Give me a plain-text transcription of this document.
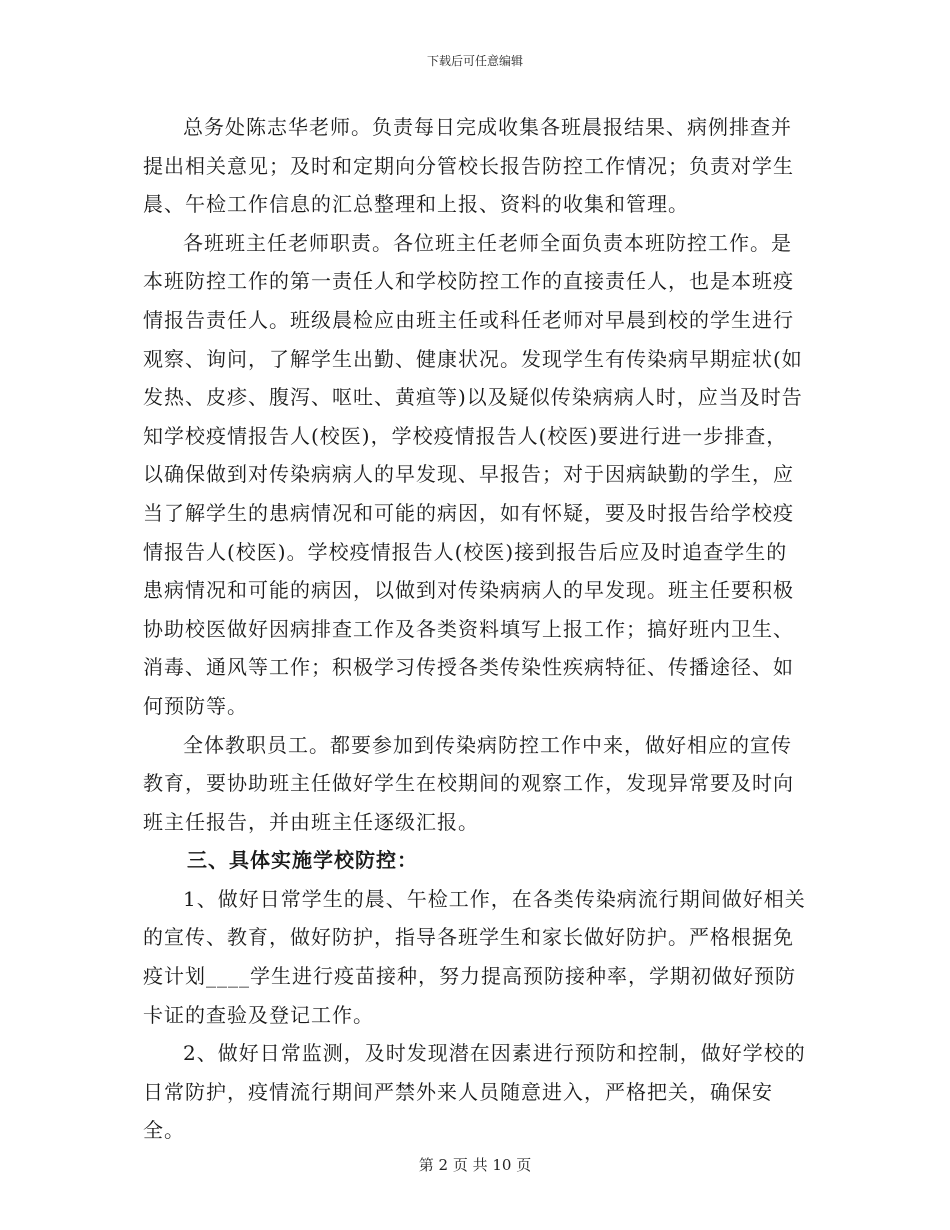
下载后可任意编辑

总务处陈志华老师。负责每日完成收集各班晨报结果、病例排查并提出相关意见；及时和定期向分管校长报告防控工作情况；负责对学生晨、午检工作信息的汇总整理和上报、资料的收集和管理。

各班班主任老师职责。各位班主任老师全面负责本班防控工作。是本班防控工作的第一责任人和学校防控工作的直接责任人，也是本班疫情报告责任人。班级晨检应由班主任或科任老师对早晨到校的学生进行观察、询问，了解学生出勤、健康状况。发现学生有传染病早期症状(如发热、皮疹、腹泻、呕吐、黄疸等)以及疑似传染病病人时，应当及时告知学校疫情报告人(校医)，学校疫情报告人(校医)要进行进一步排查，以确保做到对传染病病人的早发现、早报告；对于因病缺勤的学生，应当了解学生的患病情况和可能的病因，如有怀疑，要及时报告给学校疫情报告人(校医)。学校疫情报告人(校医)接到报告后应及时追查学生的患病情况和可能的病因，以做到对传染病病人的早发现。班主任要积极协助校医做好因病排查工作及各类资料填写上报工作；搞好班内卫生、消毒、通风等工作；积极学习传授各类传染性疾病特征、传播途径、如何预防等。

全体教职员工。都要参加到传染病防控工作中来，做好相应的宣传教育，要协助班主任做好学生在校期间的观察工作，发现异常要及时向班主任报告，并由班主任逐级汇报。

三、具体实施学校防控：

1、做好日常学生的晨、午检工作，在各类传染病流行期间做好相关的宣传、教育，做好防护，指导各班学生和家长做好防护。严格根据免疫计划____学生进行疫苗接种，努力提高预防接种率，学期初做好预防卡证的查验及登记工作。

2、做好日常监测，及时发现潜在因素进行预防和控制，做好学校的日常防护，疫情流行期间严禁外来人员随意进入，严格把关，确保安全。

第 2 页 共 10 页
